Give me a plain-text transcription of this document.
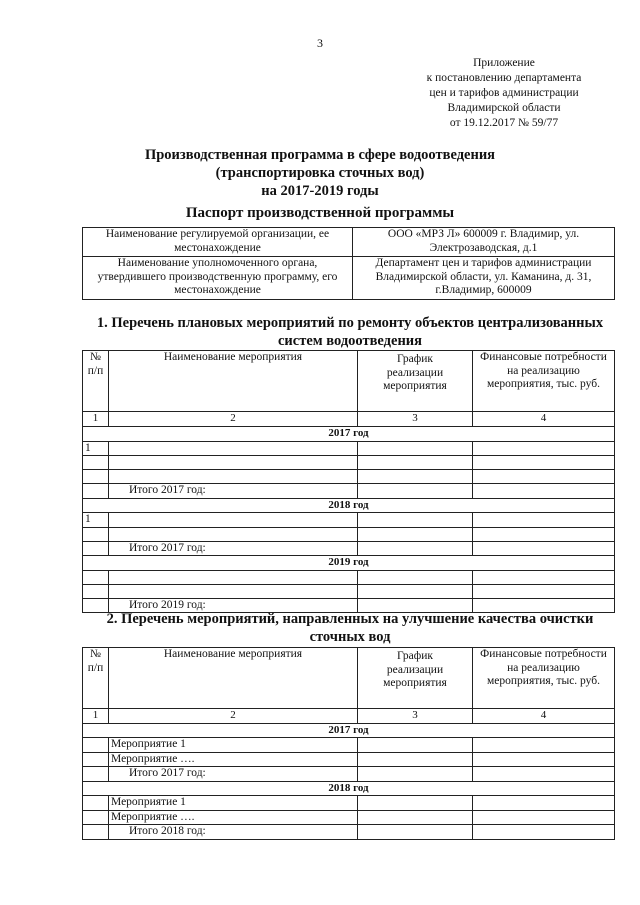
3
Приложение
к постановлению департамента
цен и тарифов администрации
Владимирской области
от 19.12.2017 № 59/77
Производственная программа в сфере водоотведения
(транспортировка сточных вод)
на 2017-2019 годы
Паспорт производственной программы
Наименование регулируемой организации, ее местонахождение	ООО «МРЗ Л» 600009 г. Владимир, ул. Электрозаводская, д.1
Наименование уполномоченного органа, утвердившего производственную программу, его местонахождение	Департамент цен и тарифов администрации Владимирской области, ул. Каманина, д. 31, г.Владимир, 600009
1. Перечень плановых мероприятий по ремонту объектов централизованных
систем водоотведения
№ п/п	Наименование мероприятия	График реализации мероприятия	Финансовые потребности на реализацию мероприятия, тыс. руб.
1	2	3	4
2017 год			
1			

	Итого 2017 год:		
2018 год			
1			

	Итого 2017 год:		
2019 год			

	Итого 2019 год:		
2. Перечень мероприятий, направленных на улучшение качества очистки
сточных вод
№ п/п	Наименование мероприятия	График реализации мероприятия	Финансовые потребности на реализацию мероприятия, тыс. руб.
1	2	3	4
2017 год			
	Мероприятие 1		
	Мероприятие ….		
	Итого 2017 год:		
2018 год			
	Мероприятие 1		
	Мероприятие ….		
	Итого 2018 год:		
